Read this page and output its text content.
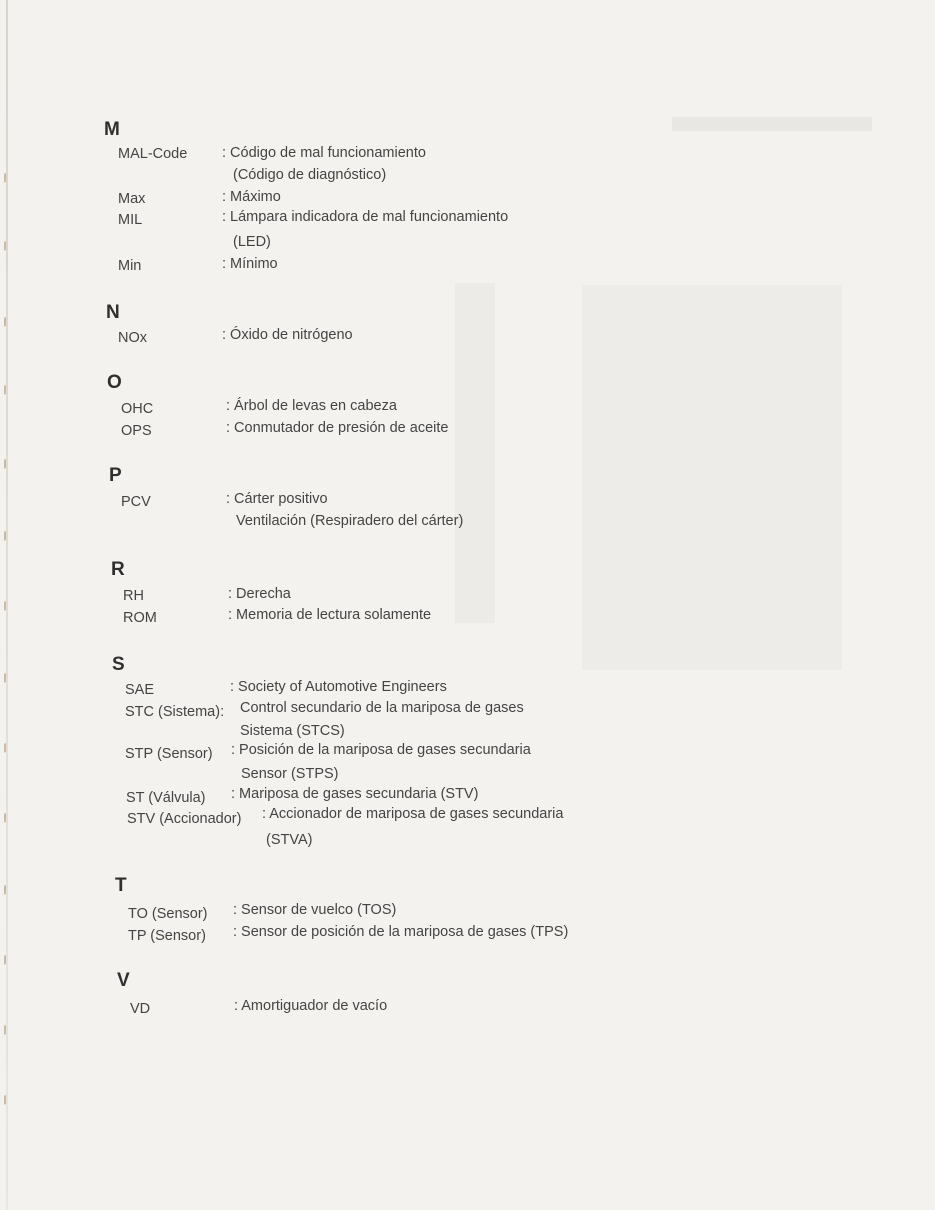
M
MAL-Code : Código de mal funcionamiento
(Código de diagnóstico)
Max	: Máximo
MIL	: Lámpara indicadora de mal funcionamiento
(LED)
Min	: Mínimo
N
NOx	: Óxido de nitrógeno
O
OHC	: Árbol de levas en cabeza
OPS	: Conmutador de presión de aceite
P
PCV	: Cárter positivo
Ventilación (Respiradero del cárter)
R
RH	: Derecha
ROM	: Memoria de lectura solamente
S
SAE	: Society of Automotive Engineers
STC (Sistema): Control secundario de la mariposa de gases
Sistema (STCS)
STP (Sensor) : Posición de la mariposa de gases secundaria
Sensor (STPS)
ST (Válvula) : Mariposa de gases secundaria (STV)
STV (Accionador) : Accionador de mariposa de gases secundaria
(STVA)
T
TO (Sensor) : Sensor de vuelco (TOS)
TP (Sensor) : Sensor de posición de la mariposa de gases (TPS)
V
VD	: Amortiguador de vacío
